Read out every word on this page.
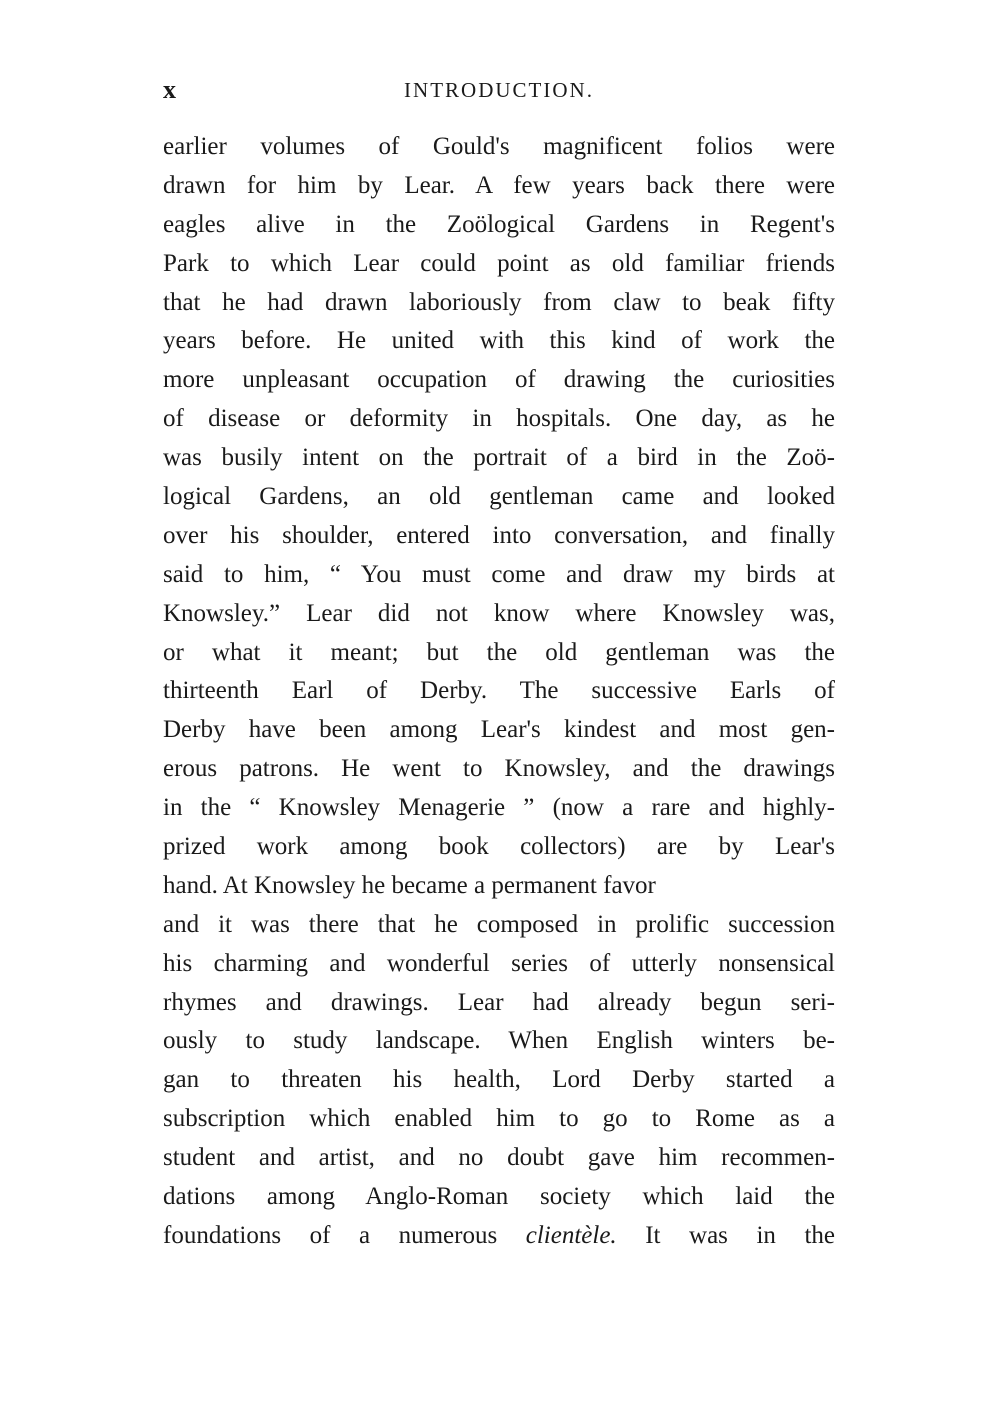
x	INTRODUCTION.
earlier volumes of Gould's magnificent folios were
drawn for him by Lear. A few years back there were
eagles alive in the Zoölogical Gardens in Regent's
Park to which Lear could point as old familiar friends
that he had drawn laboriously from claw to beak fifty
years before. He united with this kind of work the
more unpleasant occupation of drawing the curiosities
of disease or deformity in hospitals. One day, as he
was busily intent on the portrait of a bird in the Zoö-
logical Gardens, an old gentleman came and looked
over his shoulder, entered into conversation, and finally
said to him, “ You must come and draw my birds at
Knowsley.” Lear did not know where Knowsley was,
or what it meant; but the old gentleman was the
thirteenth Earl of Derby. The successive Earls of
Derby have been among Lear's kindest and most gen-
erous patrons. He went to Knowsley, and the drawings
in the “ Knowsley Menagerie ” (now a rare and highly-
prized work among book collectors) are by Lear's
hand. At Knowsley he became a permanent favor
and it was there that he composed in prolific succession
his charming and wonderful series of utterly nonsensical
rhymes and drawings. Lear had already begun seri-
ously to study landscape. When English winters be-
gan to threaten his health, Lord Derby started a
subscription which enabled him to go to Rome as a
student and artist, and no doubt gave him recommen-
dations among Anglo-Roman society which laid the
foundations of a numerous clientèle. It was in the
